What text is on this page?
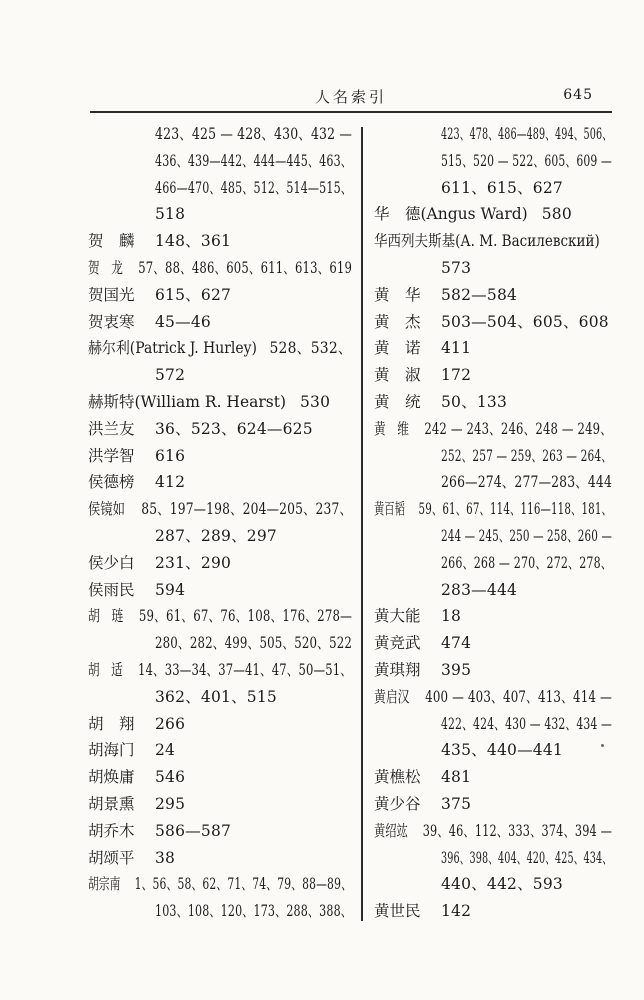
人名索引	645
423、425 — 428、430、432 —
436、439—442、444—445、463、
466—470、485、512、514—515、
518
贺　麟 148、361
贺　龙 57、88、486、605、611、613、619
贺国光 615、627
贺衷寒 45—46
赫尔利(Patrick J. Hurley) 528、532、
572
赫斯特(William R. Hearst) 530
洪兰友 36、523、624—625
洪学智 616
侯德榜 412
侯镜如 85、197—198、204—205、237、
287、289、297
侯少白 231、290
侯雨民 594
胡　琏 59、61、67、76、108、176、278—
280、282、499、505、520、522
胡　适 14、33—34、37—41、47、50—51、
362、401、515
胡　翔 266
胡海门 24
胡焕庸 546
胡景熏 295
胡乔木 586—587
胡颂平 38
胡宗南 1、56、58、62、71、74、79、88—89、
103、108、120、173、288、388、
423、478、486—489、494、506、
515、520 — 522、605、609 —
611、615、627
华　德(Angus Ward) 580
华西列夫斯基(А. М. Василевский)
573
黄　华 582—584
黄　杰 503—504、605、608
黄　诺 411
黄　淑 172
黄　统 50、133
黄　维 242 — 243、246、248 — 249、
252、257 — 259、263 — 264、
266—274、277—283、444
黄百韬 59、61、67、114、116—118、181、
244 — 245、250 — 258、260 —
266、268 — 270、272、278、
283—444
黄大能 18
黄竞武 474
黄琪翔 395
黄启汉 400 — 403、407、413、414 —
422、424、430 — 432、434 —
435、440—441
黄樵松 481
黄少谷 375
黄绍竑 39、46、112、333、374、394 —
396、398、404、420、425、434、
440、442、593
黄世民 142
